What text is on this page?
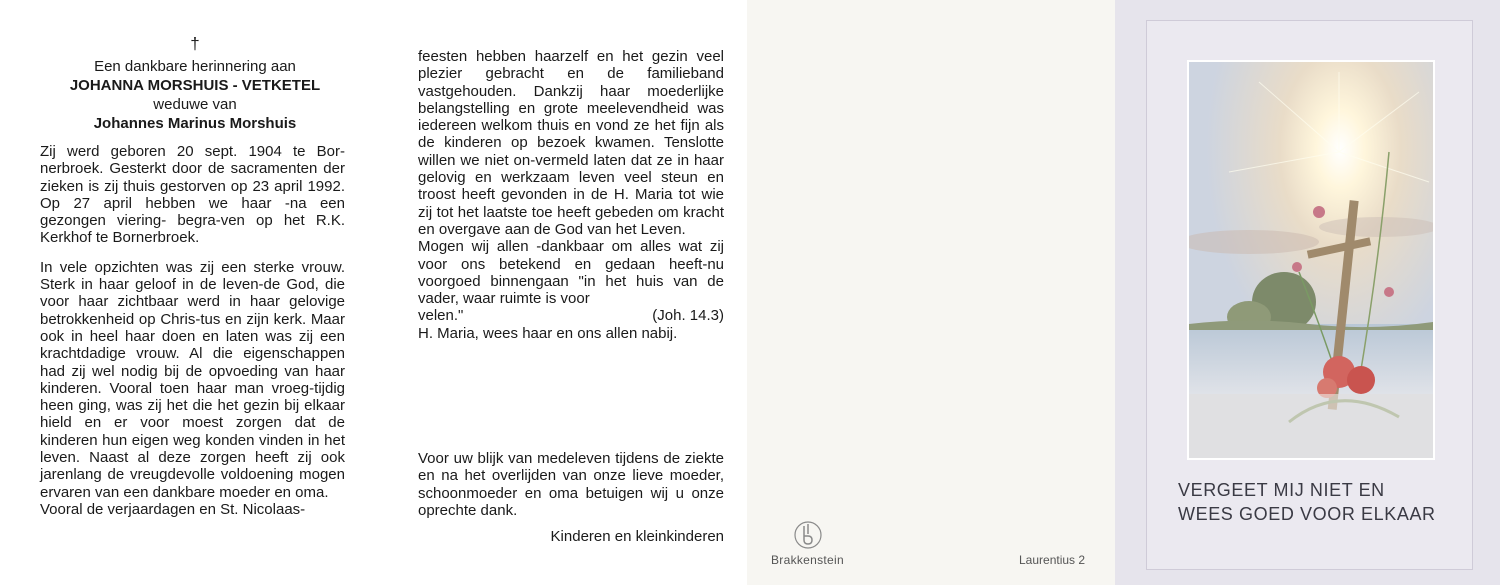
†
Een dankbare herinnering aan
JOHANNA MORSHUIS - VETKETEL
weduwe van
Johannes Marinus Morshuis

Zij werd geboren 20 sept. 1904 te Bor-nerbroek. Gesterkt door de sacramenten der zieken is zij thuis gestorven op 23 april 1992. Op 27 april hebben we haar -na een gezongen viering- begra-ven op het R.K. Kerkhof te Bornerbroek.

In vele opzichten was zij een sterke vrouw. Sterk in haar geloof in de leven-de God, die voor haar zichtbaar werd in haar gelovige betrokkenheid op Chris-tus en zijn kerk. Maar ook in heel haar doen en laten was zij een krachtdadige vrouw. Al die eigenschappen had zij wel nodig bij de opvoeding van haar kinderen. Vooral toen haar man vroeg-tijdig heen ging, was zij het die het gezin bij elkaar hield en er voor moest zorgen dat de kinderen hun eigen weg konden vinden in het leven. Naast al deze zorgen heeft zij ook jarenlang de vreugdevolle voldoening mogen ervaren van een dankbare moeder en oma.

Vooral de verjaardagen en St. Nicolaas-

feesten hebben haarzelf en het gezin veel plezier gebracht en de familieband vastgehouden. Dankzij haar moederlijke belangstelling en grote meelevendheid was iedereen welkom thuis en vond ze het fijn als de kinderen op bezoek kwamen. Tenslotte willen we niet on-vermeld laten dat ze in haar gelovig en werkzaam leven veel steun en troost heeft gevonden in de H. Maria tot wie zij tot het laatste toe heeft gebeden om kracht en overgave aan de God van het Leven.

Mogen wij allen -dankbaar om alles wat zij voor ons betekend en gedaan heeft-nu voorgoed binnengaan "in het huis van de vader, waar ruimte is voor

velen."	(Joh. 14.3)

H. Maria, wees haar en ons allen nabij.

Voor uw blijk van medeleven tijdens de ziekte en na het overlijden van onze lieve moeder, schoonmoeder en oma betuigen wij u onze oprechte dank.
Kinderen en kleinkinderen
Brakkenstein	Laurentius 2
VERGEET MIJ NIET EN
WEES GOED VOOR ELKAAR
